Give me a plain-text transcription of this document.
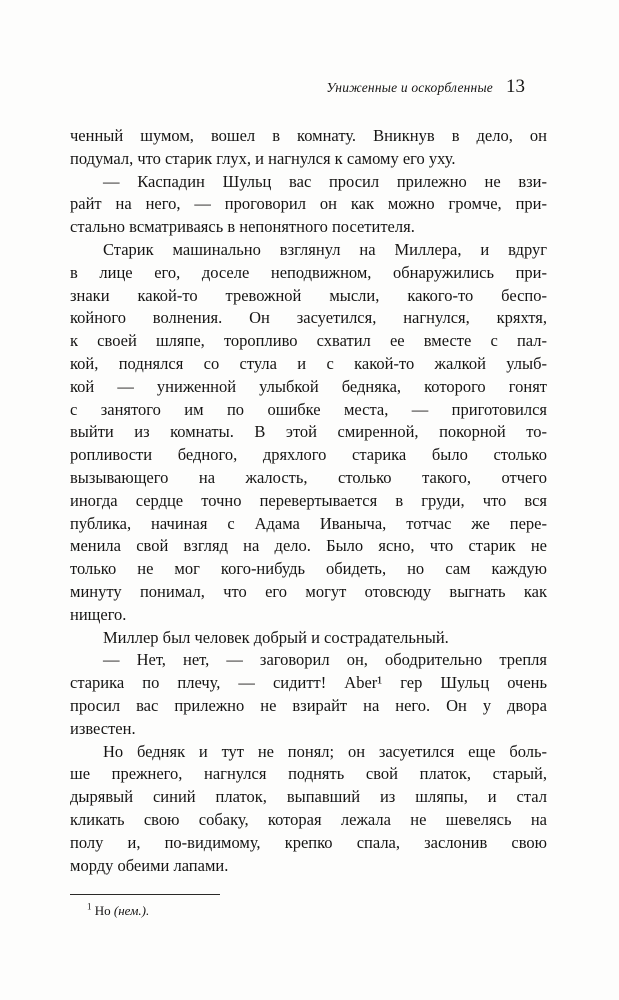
Униженные и оскорбленные 13

ченный шумом, вошел в комнату. Вникнув в дело, он
подумал, что старик глух, и нагнулся к самому его уху.

— Каспадин Шульц вас просил прилежно не взи-
райт на него, — проговорил он как можно громче, при-
стально всматриваясь в непонятного посетителя.

Старик машинально взглянул на Миллера, и вдруг
в лице его, доселе неподвижном, обнаружились при-
знаки какой-то тревожной мысли, какого-то беспо-
койного волнения. Он засуетился, нагнулся, кряхтя,
к своей шляпе, торопливо схватил ее вместе с пал-
кой, поднялся со стула и с какой-то жалкой улыб-
кой — униженной улыбкой бедняка, которого гонят
с занятого им по ошибке места, — приготовился
выйти из комнаты. В этой смиренной, покорной то-
ропливости бедного, дряхлого старика было столько
вызывающего на жалость, столько такого, отчего
иногда сердце точно перевертывается в груди, что вся
публика, начиная с Адама Иваныча, тотчас же пере-
менила свой взгляд на дело. Было ясно, что старик не
только не мог кого-нибудь обидеть, но сам каждую
минуту понимал, что его могут отовсюду выгнать как
нищего.

Миллер был человек добрый и сострадательный.

— Нет, нет, — заговорил он, ободрительно трепля
старика по плечу, — сидитт! Aber¹ гер Шульц очень
просил вас прилежно не взирайт на него. Он у двора
известен.

Но бедняк и тут не понял; он засуетился еще боль-
ше прежнего, нагнулся поднять свой платок, старый,
дырявый синий платок, выпавший из шляпы, и стал
кликать свою собаку, которая лежала не шевелясь на
полу и, по-видимому, крепко спала, заслонив свою
морду обеими лапами.

$^1$ Но (нем.).
